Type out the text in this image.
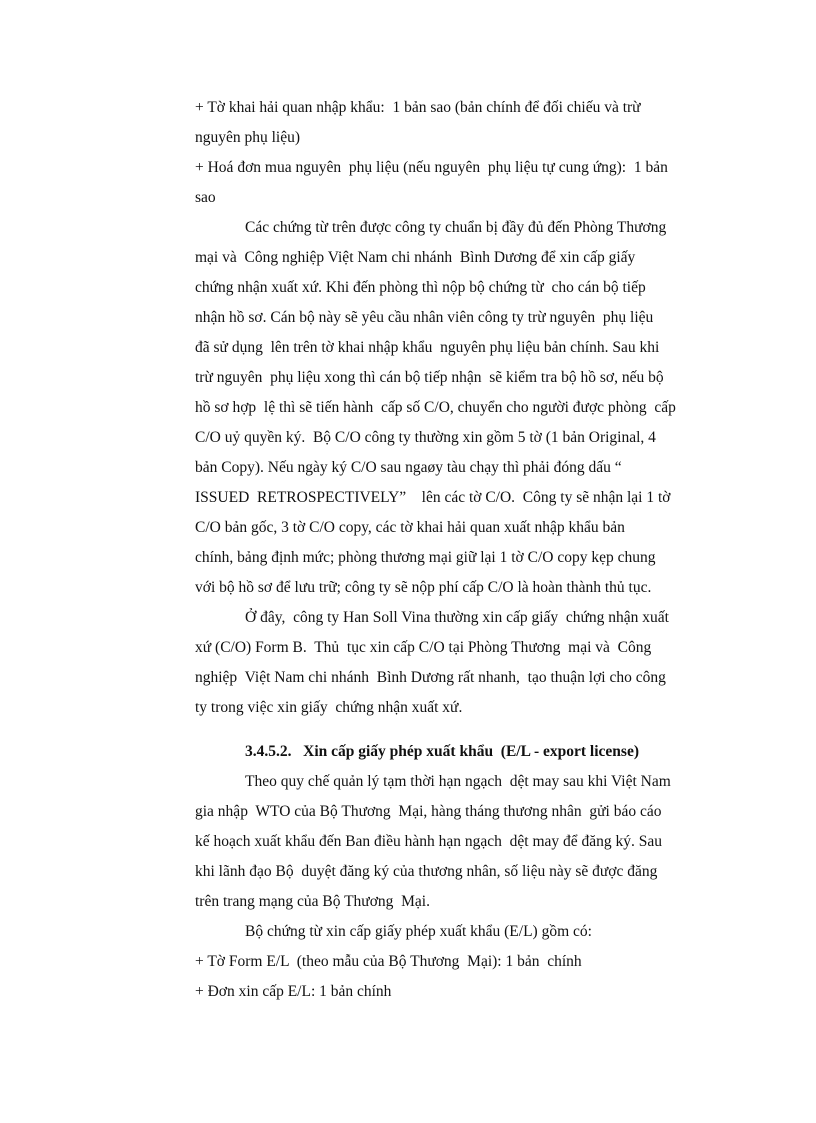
+ Tờ khai hải quan nhập khẩu:  1 bản sao (bản chính để đối chiếu và trừ

nguyên phụ liệu)

+ Hoá đơn mua nguyên  phụ liệu (nếu nguyên  phụ liệu tự cung ứng):  1 bản

sao

Các chứng từ trên được công ty chuẩn bị đầy đủ đến Phòng Thương

mại và  Công nghiệp Việt Nam chi nhánh  Bình Dương để xin cấp giấy

chứng nhận xuất xứ. Khi đến phòng thì nộp bộ chứng từ  cho cán bộ tiếp

nhận hồ sơ. Cán bộ này sẽ yêu cầu nhân viên công ty trừ nguyên  phụ liệu

đã sử dụng  lên trên tờ khai nhập khẩu  nguyên phụ liệu bản chính. Sau khi

trừ nguyên  phụ liệu xong thì cán bộ tiếp nhận  sẽ kiểm tra bộ hồ sơ, nếu bộ

hồ sơ hợp  lệ thì sẽ tiến hành  cấp số C/O, chuyển cho người được phòng  cấp

C/O uỷ quyền ký.  Bộ C/O công ty thường xin gồm 5 tờ (1 bản Original, 4

bản Copy). Nếu ngày ký C/O sau ngaøy tàu chạy thì phải đóng dấu “

ISSUED  RETROSPECTIVELY”    lên các tờ C/O.  Công ty sẽ nhận lại 1 tờ

C/O bản gốc, 3 tờ C/O copy, các tờ khai hải quan xuất nhập khẩu bản

chính, bảng định mức; phòng thương mại giữ lại 1 tờ C/O copy kẹp chung

với bộ hồ sơ để lưu trữ; công ty sẽ nộp phí cấp C/O là hoàn thành thủ tục.

Ở đây,  công ty Han Soll Vina thường xin cấp giấy  chứng nhận xuất

xứ (C/O) Form B.  Thủ  tục xin cấp C/O tại Phòng Thương  mại và  Công

nghiệp  Việt Nam chi nhánh  Bình Dương rất nhanh,  tạo thuận lợi cho công

ty trong việc xin giấy  chứng nhận xuất xứ.

3.4.5.2.   Xin cấp giấy phép xuất khẩu  (E/L - export license)

Theo quy chế quản lý tạm thời hạn ngạch  dệt may sau khi Việt Nam

gia nhập  WTO của Bộ Thương  Mại, hàng tháng thương nhân  gửi báo cáo

kế hoạch xuất khẩu đến Ban điều hành hạn ngạch  dệt may để đăng ký. Sau

khi lãnh đạo Bộ  duyệt đăng ký của thương nhân, số liệu này sẽ được đăng

trên trang mạng của Bộ Thương  Mại.

Bộ chứng từ xin cấp giấy phép xuất khẩu (E/L) gồm có:

+ Tờ Form E/L  (theo mẫu của Bộ Thương  Mại): 1 bản  chính

+ Đơn xin cấp E/L: 1 bản chính
